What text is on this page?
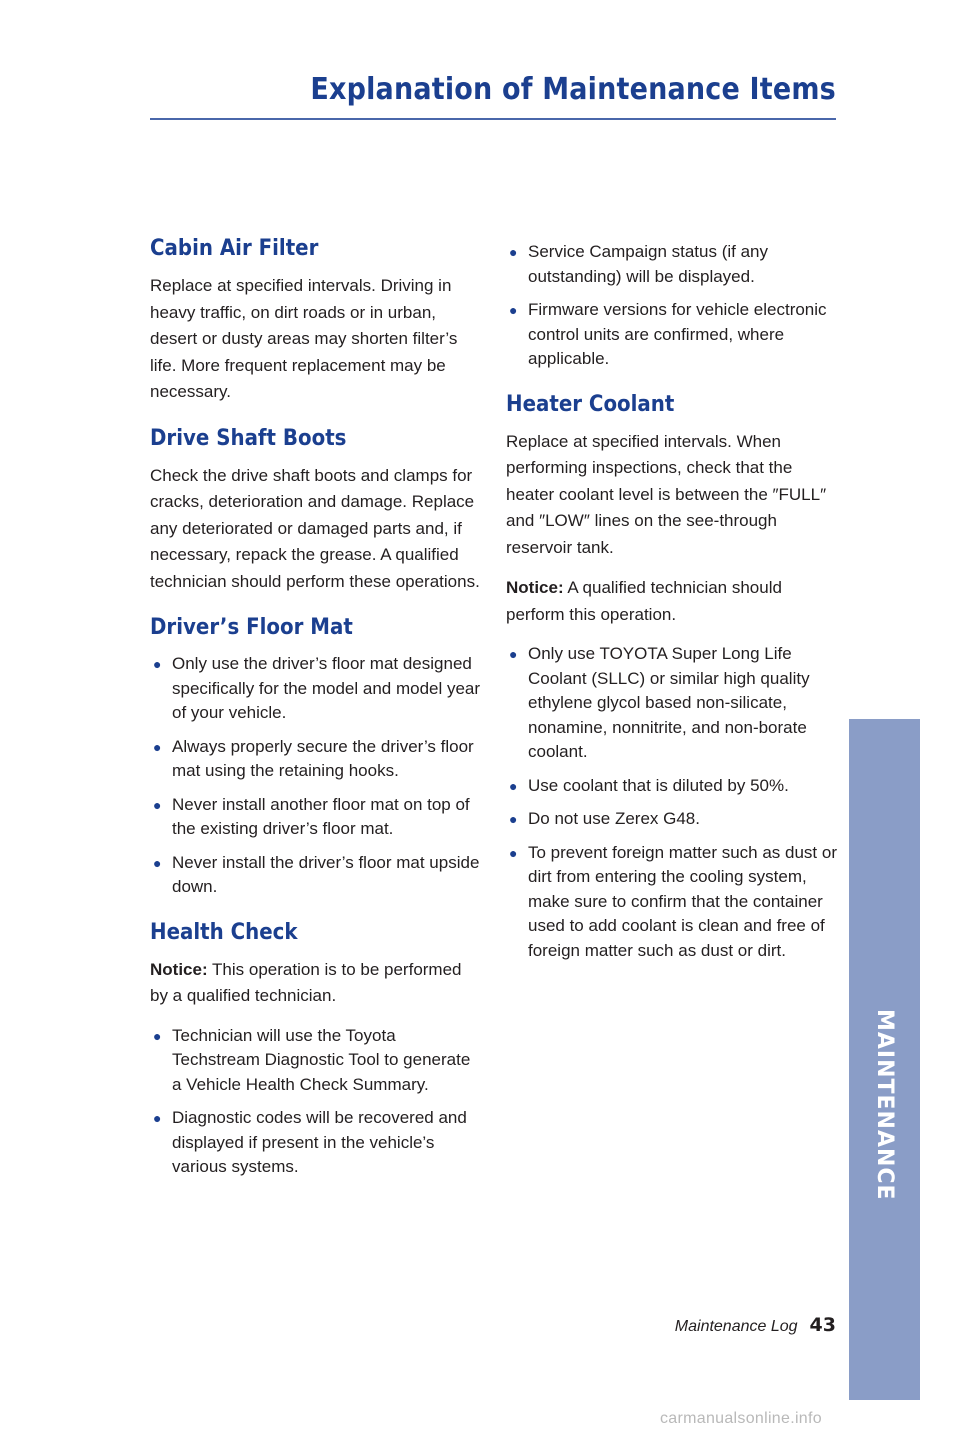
Explanation of Maintenance Items
Cabin Air Filter

Replace at specified intervals. Driving in heavy traffic, on dirt roads or in urban, desert or dusty areas may shorten filter’s life. More frequent replacement may be necessary.

Drive Shaft Boots

Check the drive shaft boots and clamps for cracks, deterioration and damage. Replace any deteriorated or damaged parts and, if necessary, repack the grease. A qualified technician should perform these operations.

Driver’s Floor Mat
● Only use the driver’s floor mat designed specifically for the model and model year of your vehicle.
● Always properly secure the driver’s floor mat using the retaining hooks.
● Never install another floor mat on top of the existing driver’s floor mat.
● Never install the driver’s floor mat upside down.
Health Check

Notice: This operation is to be performed by a qualified technician.

● Technician will use the Toyota Techstream Diagnostic Tool to generate a Vehicle Health Check Summary.
● Diagnostic codes will be recovered and displayed if present in the vehicle’s various systems.
● Service Campaign status (if any outstanding) will be displayed.
● Firmware versions for vehicle electronic control units are confirmed, where applicable.
Heater Coolant

Replace at specified intervals. When performing inspections, check that the heater coolant level is between the ″FULL″ and ″LOW″ lines on the see-through reservoir tank.

Notice: A qualified technician should perform this operation.

● Only use TOYOTA Super Long Life Coolant (SLLC) or similar high quality ethylene glycol based non-silicate, nonamine, nonnitrite, and non-borate coolant.
● Use coolant that is diluted by 50%.
● Do not use Zerex G48.
● To prevent foreign matter such as dust or dirt from entering the cooling system, make sure to confirm that the container used to add coolant is clean and free of foreign matter such as dust or dirt.
MAINTENANCE
Maintenance Log 43
carmanualsonline.info
